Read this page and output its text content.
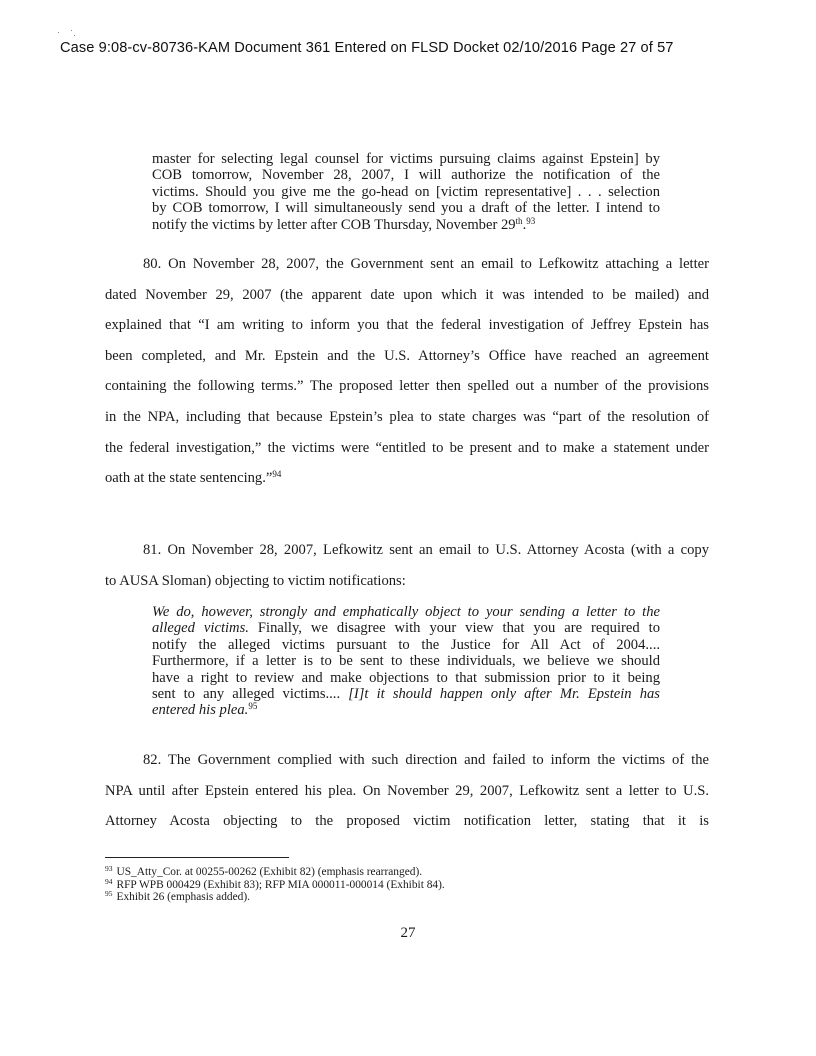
Case 9:08-cv-80736-KAM Document 361 Entered on FLSD Docket 02/10/2016 Page 27 of 57
master for selecting legal counsel for victims pursuing claims against Epstein] by
COB tomorrow, November 28, 2007, I will authorize the notification of the
victims. Should you give me the go-head on [victim representative] . . . selection
by COB tomorrow, I will simultaneously send you a draft of the letter. I intend to
notify the victims by letter after COB Thursday, November 29th.$^{93}$
80. On November 28, 2007, the Government sent an email to Lefkowitz attaching a letter
dated November 29, 2007 (the apparent date upon which it was intended to be mailed) and
explained that “I am writing to inform you that the federal investigation of Jeffrey Epstein has
been completed, and Mr. Epstein and the U.S. Attorney’s Office have reached an agreement
containing the following terms.” The proposed letter then spelled out a number of the provisions
in the NPA, including that because Epstein’s plea to state charges was “part of the resolution of
the federal investigation,” the victims were “entitled to be present and to make a statement under
oath at the state sentencing.”$^{94}$
81. On November 28, 2007, Lefkowitz sent an email to U.S. Attorney Acosta (with a copy
to AUSA Sloman) objecting to victim notifications:
We do, however, strongly and emphatically object to your sending a letter to the
alleged victims. Finally, we disagree with your view that you are required to
notify the alleged victims pursuant to the Justice for All Act of 2004....
Furthermore, if a letter is to be sent to these individuals, we believe we should
have a right to review and make objections to that submission prior to it being
sent to any alleged victims.... [I]t it should happen only after Mr. Epstein has
entered his plea.$^{95}$
82. The Government complied with such direction and failed to inform the victims of the
NPA until after Epstein entered his plea. On November 29, 2007, Lefkowitz sent a letter to U.S.
Attorney Acosta objecting to the proposed victim notification letter, stating that it is
$^{93}$ US_Atty_Cor. at 00255-00262 (Exhibit 82) (emphasis rearranged).
$^{94}$ RFP WPB 000429 (Exhibit 83); RFP MIA 000011-000014 (Exhibit 84).
$^{95}$ Exhibit 26 (emphasis added).
27
